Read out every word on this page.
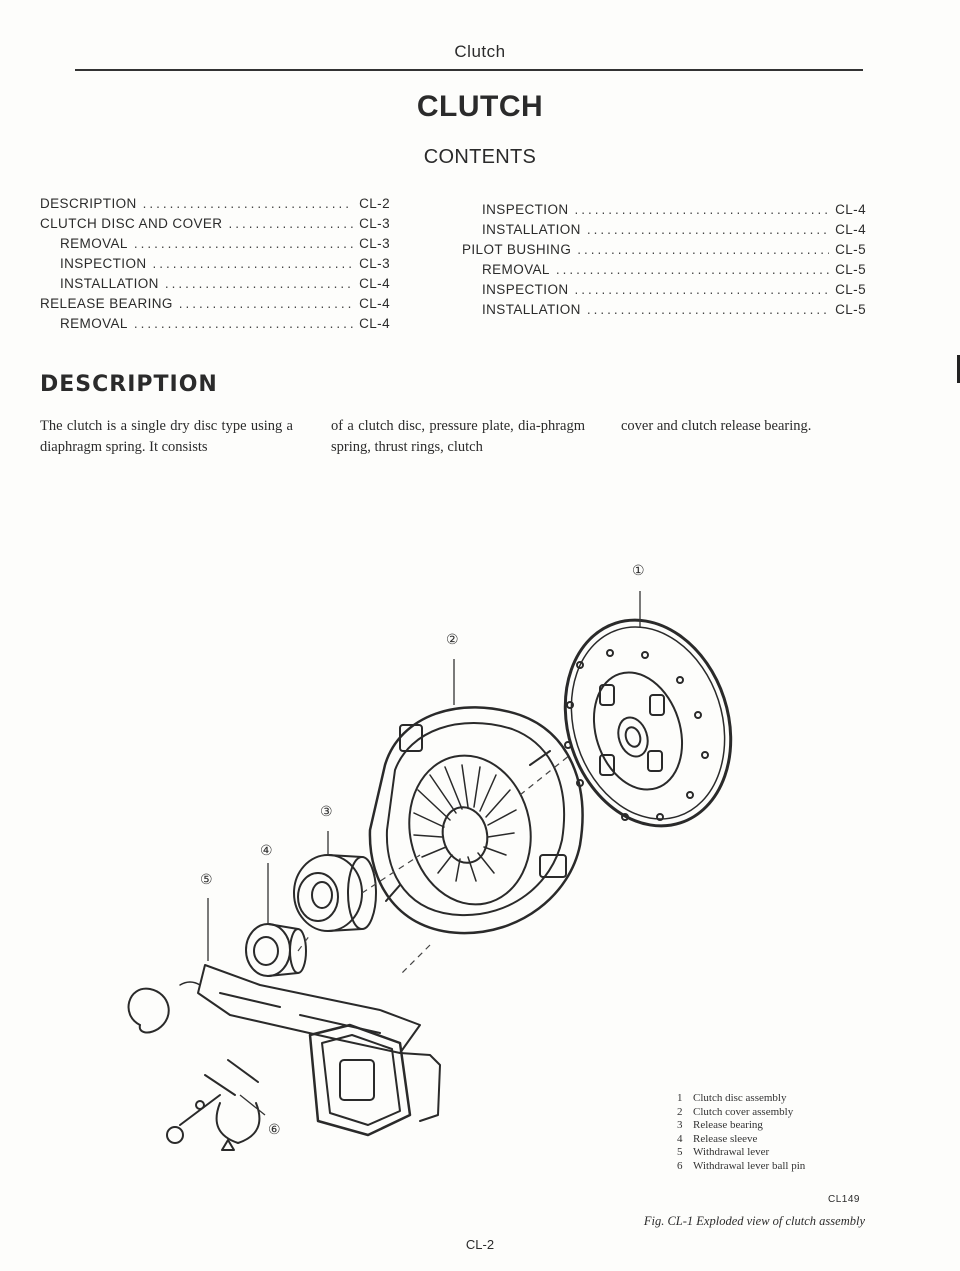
Clutch
CLUTCH
CONTENTS
DESCRIPTION .....	CL-2
CLUTCH DISC AND COVER .....	CL-3
REMOVAL .....	CL-3
INSPECTION .....	CL-3
INSTALLATION .....	CL-4
RELEASE BEARING .....	CL-4
REMOVAL .....	CL-4
INSPECTION .....	CL-4
INSTALLATION .....	CL-4
PILOT BUSHING .....	CL-5
REMOVAL .....	CL-5
INSPECTION .....	CL-5
INSTALLATION .....	CL-5
DESCRIPTION

The clutch is a single dry disc type using a diaphragm spring. It consists

of a clutch disc, pressure plate, dia-phragm spring, thrust rings, clutch

cover and clutch release bearing.

①
②
③
④
⑤
⑥
1 Clutch disc assembly
2 Clutch cover assembly
3 Release bearing
4 Release sleeve
5 Withdrawal lever
6 Withdrawal lever ball pin
CL149
Fig. CL-1 Exploded view of clutch assembly
CL-2
